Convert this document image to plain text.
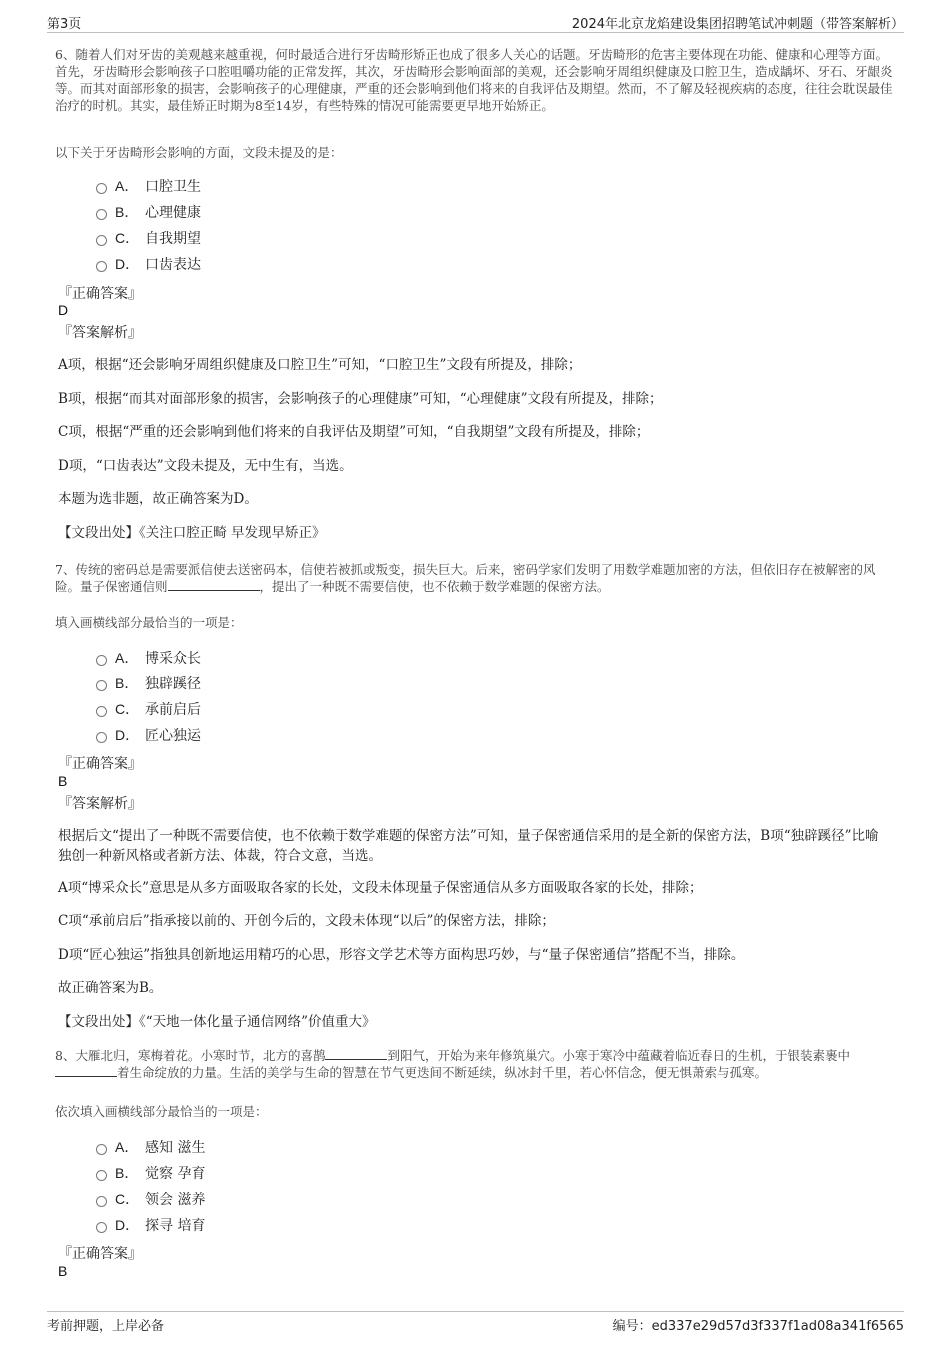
第3页	2024年北京龙焰建设集团招聘笔试冲刺题（带答案解析）
6、随着人们对牙齿的美观越来越重视，何时最适合进行牙齿畸形矫正也成了很多人关心的话题。牙齿畸形的危害主要体现在功能、健康和心理等方面。首先，牙齿畸形会影响孩子口腔咀嚼功能的正常发挥，其次，牙齿畸形会影响面部的美观，还会影响牙周组织健康及口腔卫生，造成龋坏、牙石、牙龈炎等。而其对面部形象的损害，会影响孩子的心理健康，严重的还会影响到他们将来的自我评估及期望。然而，不了解及轻视疾病的态度，往往会耽误最佳治疗的时机。其实，最佳矫正时期为8至14岁，有些特殊的情况可能需要更早地开始矫正。
以下关于牙齿畸形会影响的方面，文段未提及的是：
A． 口腔卫生
B． 心理健康
C． 自我期望
D． 口齿表达
『正确答案』
D
『答案解析』
A项，根据“还会影响牙周组织健康及口腔卫生”可知，“口腔卫生”文段有所提及，排除；
B项，根据“而其对面部形象的损害，会影响孩子的心理健康”可知，“心理健康”文段有所提及，排除；
C项，根据“严重的还会影响到他们将来的自我评估及期望”可知，“自我期望”文段有所提及，排除；
D项，“口齿表达”文段未提及，无中生有，当选。
本题为选非题，故正确答案为D。
【文段出处】《关注口腔正畸 早发现早矫正》
7、传统的密码总是需要派信使去送密码本，信使若被抓或叛变，损失巨大。后来，密码学家们发明了用数学难题加密的方法，但依旧存在被解密的风险。量子保密通信则	，提出了一种既不需要信使，也不依赖于数学难题的保密方法。
填入画横线部分最恰当的一项是：
A． 博采众长
B． 独辟蹊径
C． 承前启后
D． 匠心独运
『正确答案』
B
『答案解析』
根据后文“提出了一种既不需要信使，也不依赖于数学难题的保密方法”可知，量子保密通信采用的是全新的保密方法，B项“独辟蹊径”比喻独创一种新风格或者新方法、体裁，符合文意，当选。
A项“博采众长”意思是从多方面吸取各家的长处，文段未体现量子保密通信从多方面吸取各家的长处，排除；
C项“承前启后”指承接以前的、开创今后的，文段未体现“以后”的保密方法，排除；
D项“匠心独运”指独具创新地运用精巧的心思，形容文学艺术等方面构思巧妙，与“量子保密通信”搭配不当，排除。
故正确答案为B。
【文段出处】《“天地一体化量子通信网络”价值重大》
8、大雁北归，寒梅着花。小寒时节，北方的喜鹊	到阳气，开始为来年修筑巢穴。小寒于寒冷中蕴藏着临近春日的生机，于银装素裹中着生命绽放的力量。生活的美学与生命的智慧在节气更迭间不断延续，纵冰封千里，若心怀信念，便无惧萧索与孤寒。
依次填入画横线部分最恰当的一项是：
A． 感知 滋生
B． 觉察 孕育
C． 领会 滋养
D． 探寻 培育
『正确答案』
B
考前押题，上岸必备	编号：ed337e29d57d3f337f1ad08a341f6565
